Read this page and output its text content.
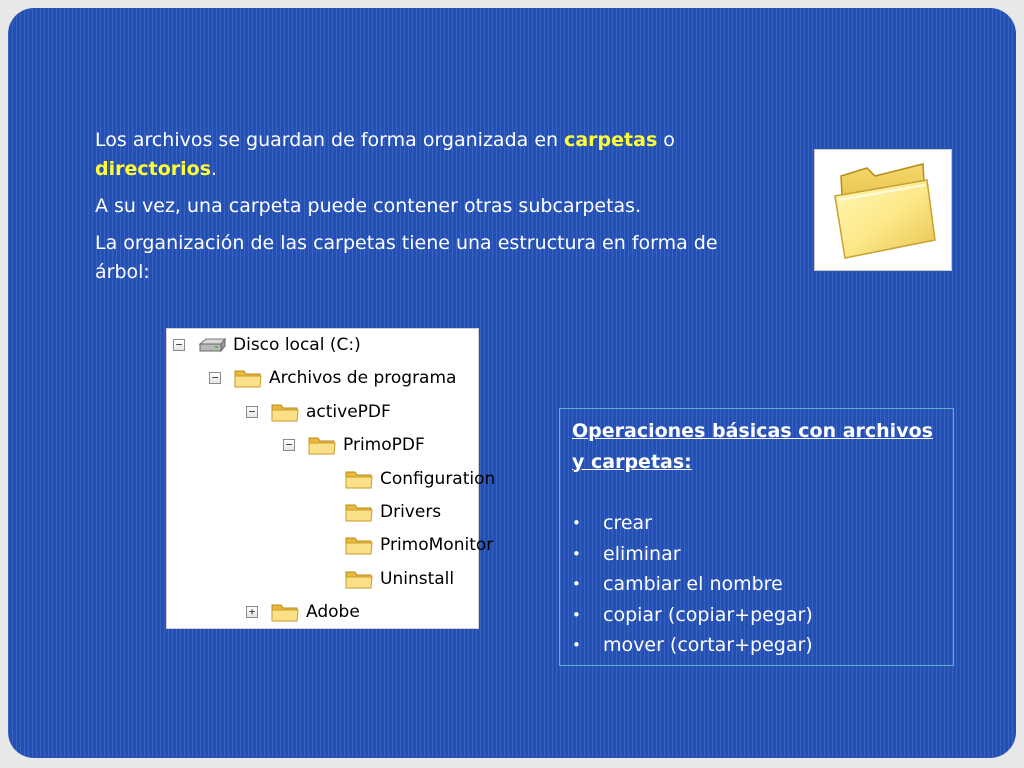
Los archivos se guardan de forma organizada en carpetas o
directorios.

A su vez, una carpeta puede contener otras subcarpetas.

La organización de las carpetas tiene una estructura en forma de árbol:

−	Disco local (C:)
−	Archivos de programa
−	activePDF
−	PrimoPDF
Configuration
Drivers
PrimoMonitor
Uninstall
+	Adobe
Operaciones básicas con archivos y carpetas:
• crear
• eliminar
• cambiar el nombre
• copiar (copiar+pegar)
• mover (cortar+pegar)
